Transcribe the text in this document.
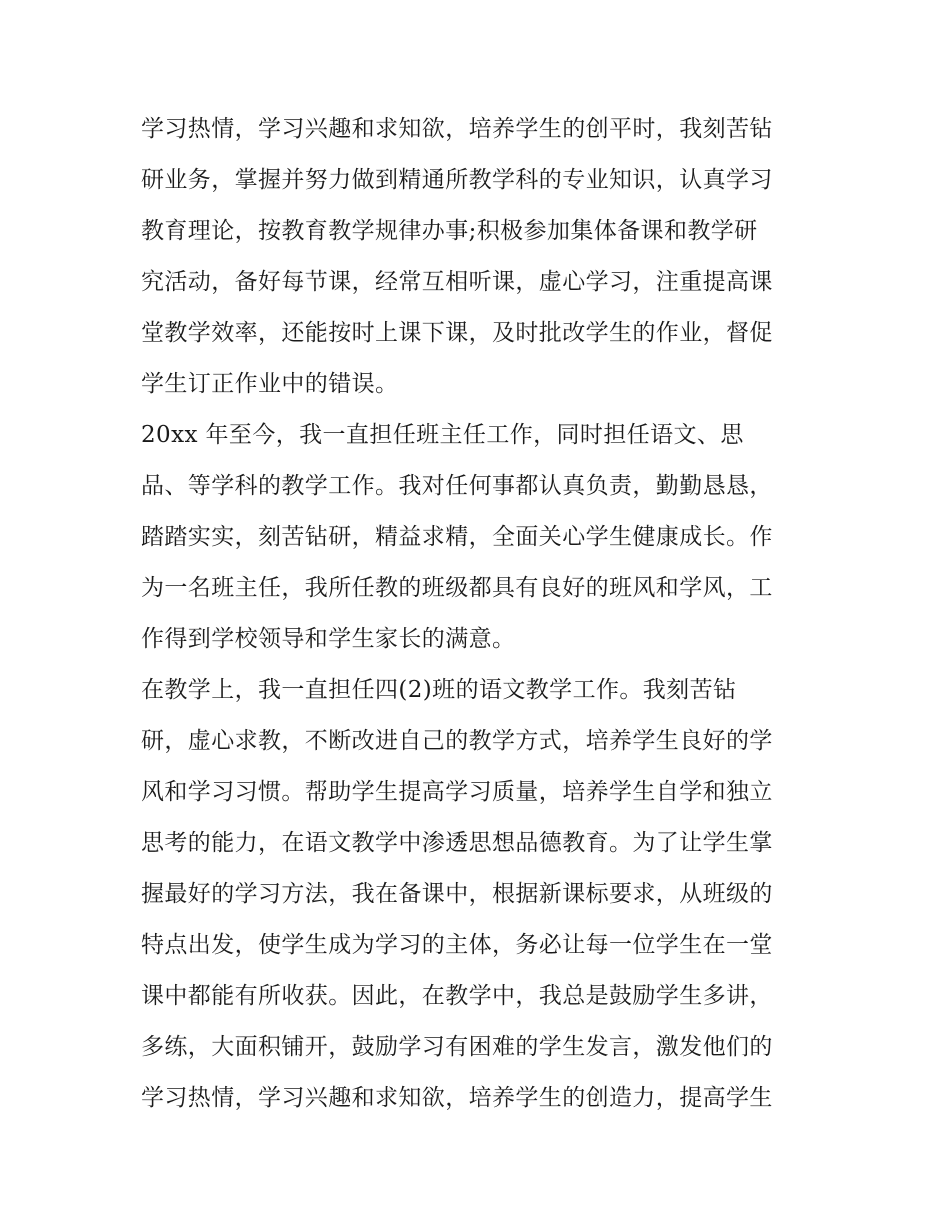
学习热情，学习兴趣和求知欲，培养学生的创平时，我刻苦钻
研业务，掌握并努力做到精通所教学科的专业知识，认真学习
教育理论，按教育教学规律办事;积极参加集体备课和教学研
究活动，备好每节课，经常互相听课，虚心学习，注重提高课
堂教学效率，还能按时上课下课，及时批改学生的作业，督促
学生订正作业中的错误。
20xx 年至今，我一直担任班主任工作，同时担任语文、思
品、等学科的教学工作。我对任何事都认真负责，勤勤恳恳，
踏踏实实，刻苦钻研，精益求精，全面关心学生健康成长。作
为一名班主任，我所任教的班级都具有良好的班风和学风，工
作得到学校领导和学生家长的满意。
在教学上，我一直担任四(2)班的语文教学工作。我刻苦钻
研，虚心求教，不断改进自己的教学方式，培养学生良好的学
风和学习习惯。帮助学生提高学习质量，培养学生自学和独立
思考的能力，在语文教学中渗透思想品德教育。为了让学生掌
握最好的学习方法，我在备课中，根据新课标要求，从班级的
特点出发，使学生成为学习的主体，务必让每一位学生在一堂
课中都能有所收获。因此，在教学中，我总是鼓励学生多讲，
多练，大面积铺开，鼓励学习有困难的学生发言，激发他们的
学习热情，学习兴趣和求知欲，培养学生的创造力，提高学生
